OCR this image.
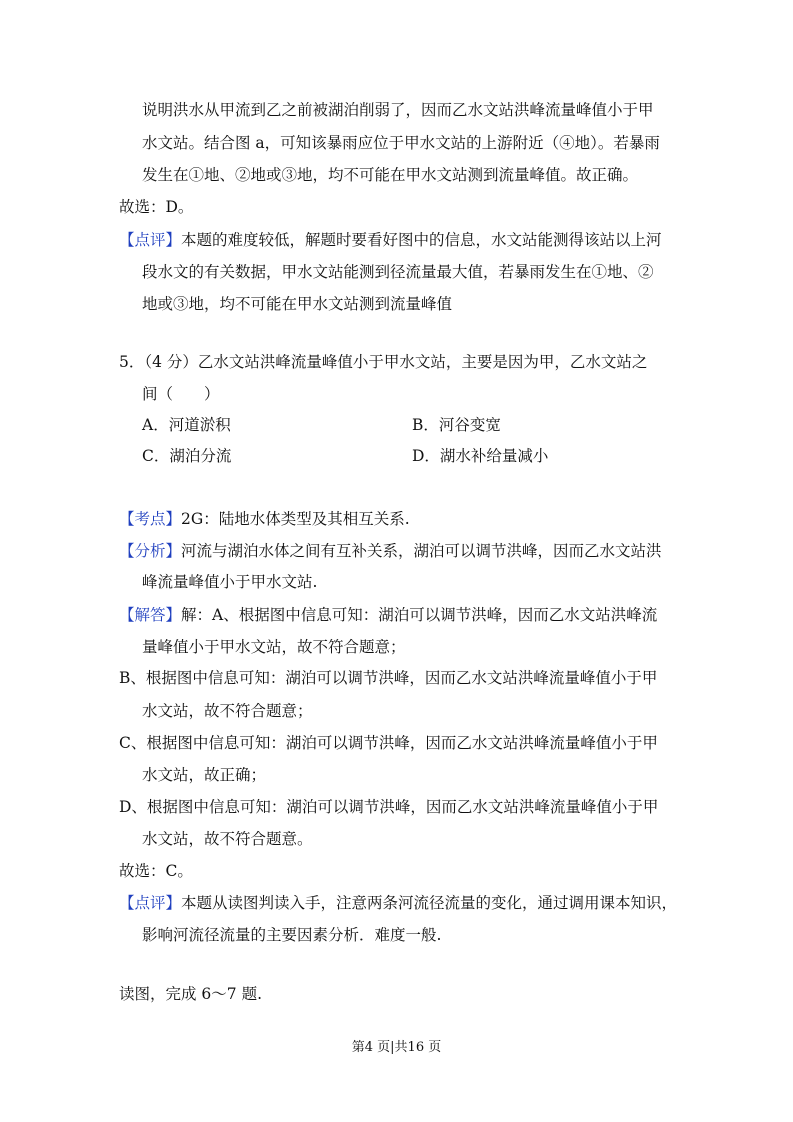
说明洪水从甲流到乙之前被湖泊削弱了，因而乙水文站洪峰流量峰值小于甲
水文站。结合图 a，可知该暴雨应位于甲水文站的上游附近（④地）。若暴雨
发生在①地、②地或③地，均不可能在甲水文站测到流量峰值。故正确。
故选：D。
【点评】本题的难度较低，解题时要看好图中的信息，水文站能测得该站以上河
段水文的有关数据，甲水文站能测到径流量最大值，若暴雨发生在①地、②
地或③地，均不可能在甲水文站测到流量峰值
5．（4 分）乙水文站洪峰流量峰值小于甲水文站，主要是因为甲，乙水文站之
间（　　）
A．河道淤积	B．河谷变宽
C．湖泊分流	D．湖水补给量减小
【考点】2G：陆地水体类型及其相互关系.
【分析】河流与湖泊水体之间有互补关系，湖泊可以调节洪峰，因而乙水文站洪
峰流量峰值小于甲水文站.
【解答】解：A、根据图中信息可知：湖泊可以调节洪峰，因而乙水文站洪峰流
量峰值小于甲水文站，故不符合题意；
B、根据图中信息可知：湖泊可以调节洪峰，因而乙水文站洪峰流量峰值小于甲
水文站，故不符合题意；
C、根据图中信息可知：湖泊可以调节洪峰，因而乙水文站洪峰流量峰值小于甲
水文站，故正确；
D、根据图中信息可知：湖泊可以调节洪峰，因而乙水文站洪峰流量峰值小于甲
水文站，故不符合题意。
故选：C。
【点评】本题从读图判读入手，注意两条河流径流量的变化，通过调用课本知识，
影响河流径流量的主要因素分析．难度一般.
读图，完成 6～7 题.
第4 页|共16 页
